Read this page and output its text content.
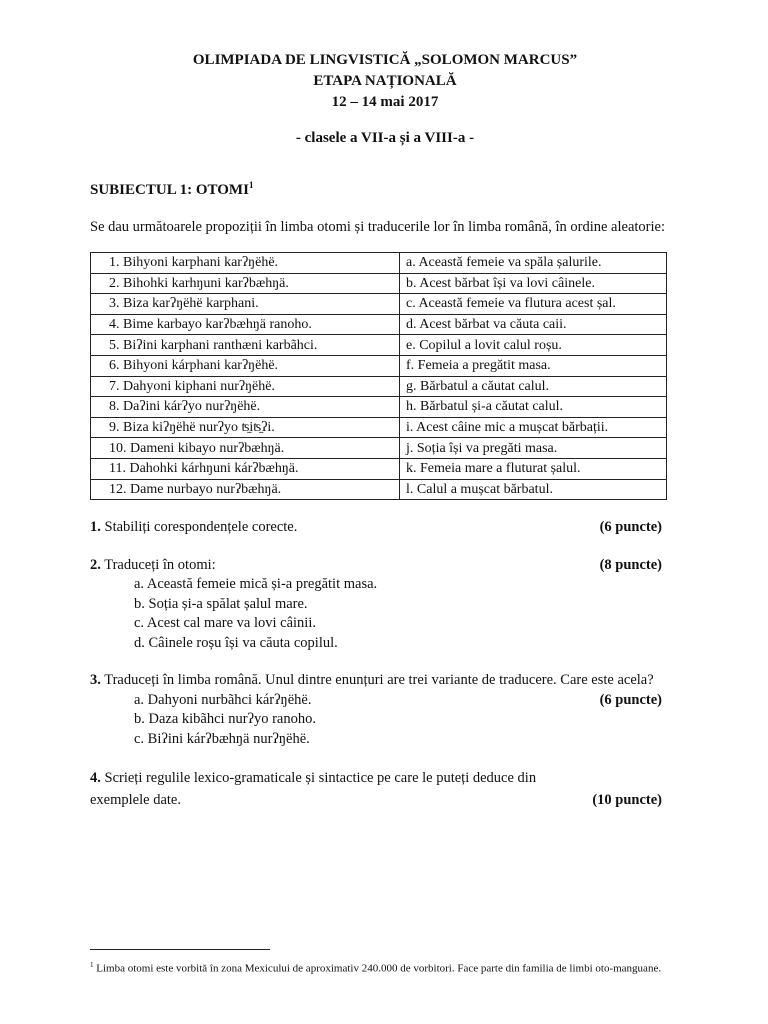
OLIMPIADA DE LINGVISTICĂ „SOLOMON MARCUS”
ETAPA NAȚIONALĂ
12 – 14 mai 2017
- clasele a VII-a și a VIII-a -
SUBIECTUL 1: OTOMI$^1$
Se dau următoarele propoziții în limba otomi și traducerile lor în limba română, în ordine aleatorie:
1. Bihyoni karphani karʔŋëhë.	a. Această femeie va spăla șalurile.
2. Bihohki karhŋuni karʔbæhŋä.	b. Acest bărbat își va lovi câinele.
3. Biza karʔŋëhë karphani.	c. Această femeie va flutura acest șal.
4. Bime karbayo karʔbæhŋä ranoho.	d. Acest bărbat va căuta caii.
5. Biʔini karphani ranthæni karbãhci.	e. Copilul a lovit calul roșu.
6. Bihyoni kárphani karʔŋëhë.	f. Femeia a pregătit masa.
7. Dahyoni kiphani nurʔŋëhë.	g. Bărbatul a căutat calul.
8. Daʔini kárʔyo nurʔŋëhë.	h. Bărbatul și-a căutat calul.
9. Biza kiʔŋëhë nurʔyo ʦ̱iʦ̱ʔi.	i. Acest câine mic a mușcat bărbații.
10. Dameni kibayo nurʔbæhŋä.	j. Soția își va pregăti masa.
11. Dahohki kárhŋuni kárʔbæhŋä.	k. Femeia mare a fluturat șalul.
12. Dame nurbayo nurʔbæhŋä.	l. Calul a mușcat bărbatul.
1. Stabiliți corespondențele corecte.	(6 puncte)
2. Traduceți în otomi:	(8 puncte)
a. Această femeie mică și-a pregătit masa.
b. Soția și-a spălat șalul mare.
c. Acest cal mare va lovi câinii.
d. Câinele roșu își va căuta copilul.
3. Traduceți în limba română. Unul dintre enunțuri are trei variante de traducere. Care este acela?
(6 puncte)
a. Dahyoni nurbãhci kárʔŋëhë.
b. Daza kibãhci nurʔyo ranoho.
c. Biʔini kárʔbæhŋä nurʔŋëhë.
4. Scrieți regulile lexico-gramaticale și sintactice pe care le puteți deduce din exemplele date.	(10 puncte)
$^1$ Limba otomi este vorbită în zona Mexicului de aproximativ 240.000 de vorbitori. Face parte din familia de limbi oto-manguane.
